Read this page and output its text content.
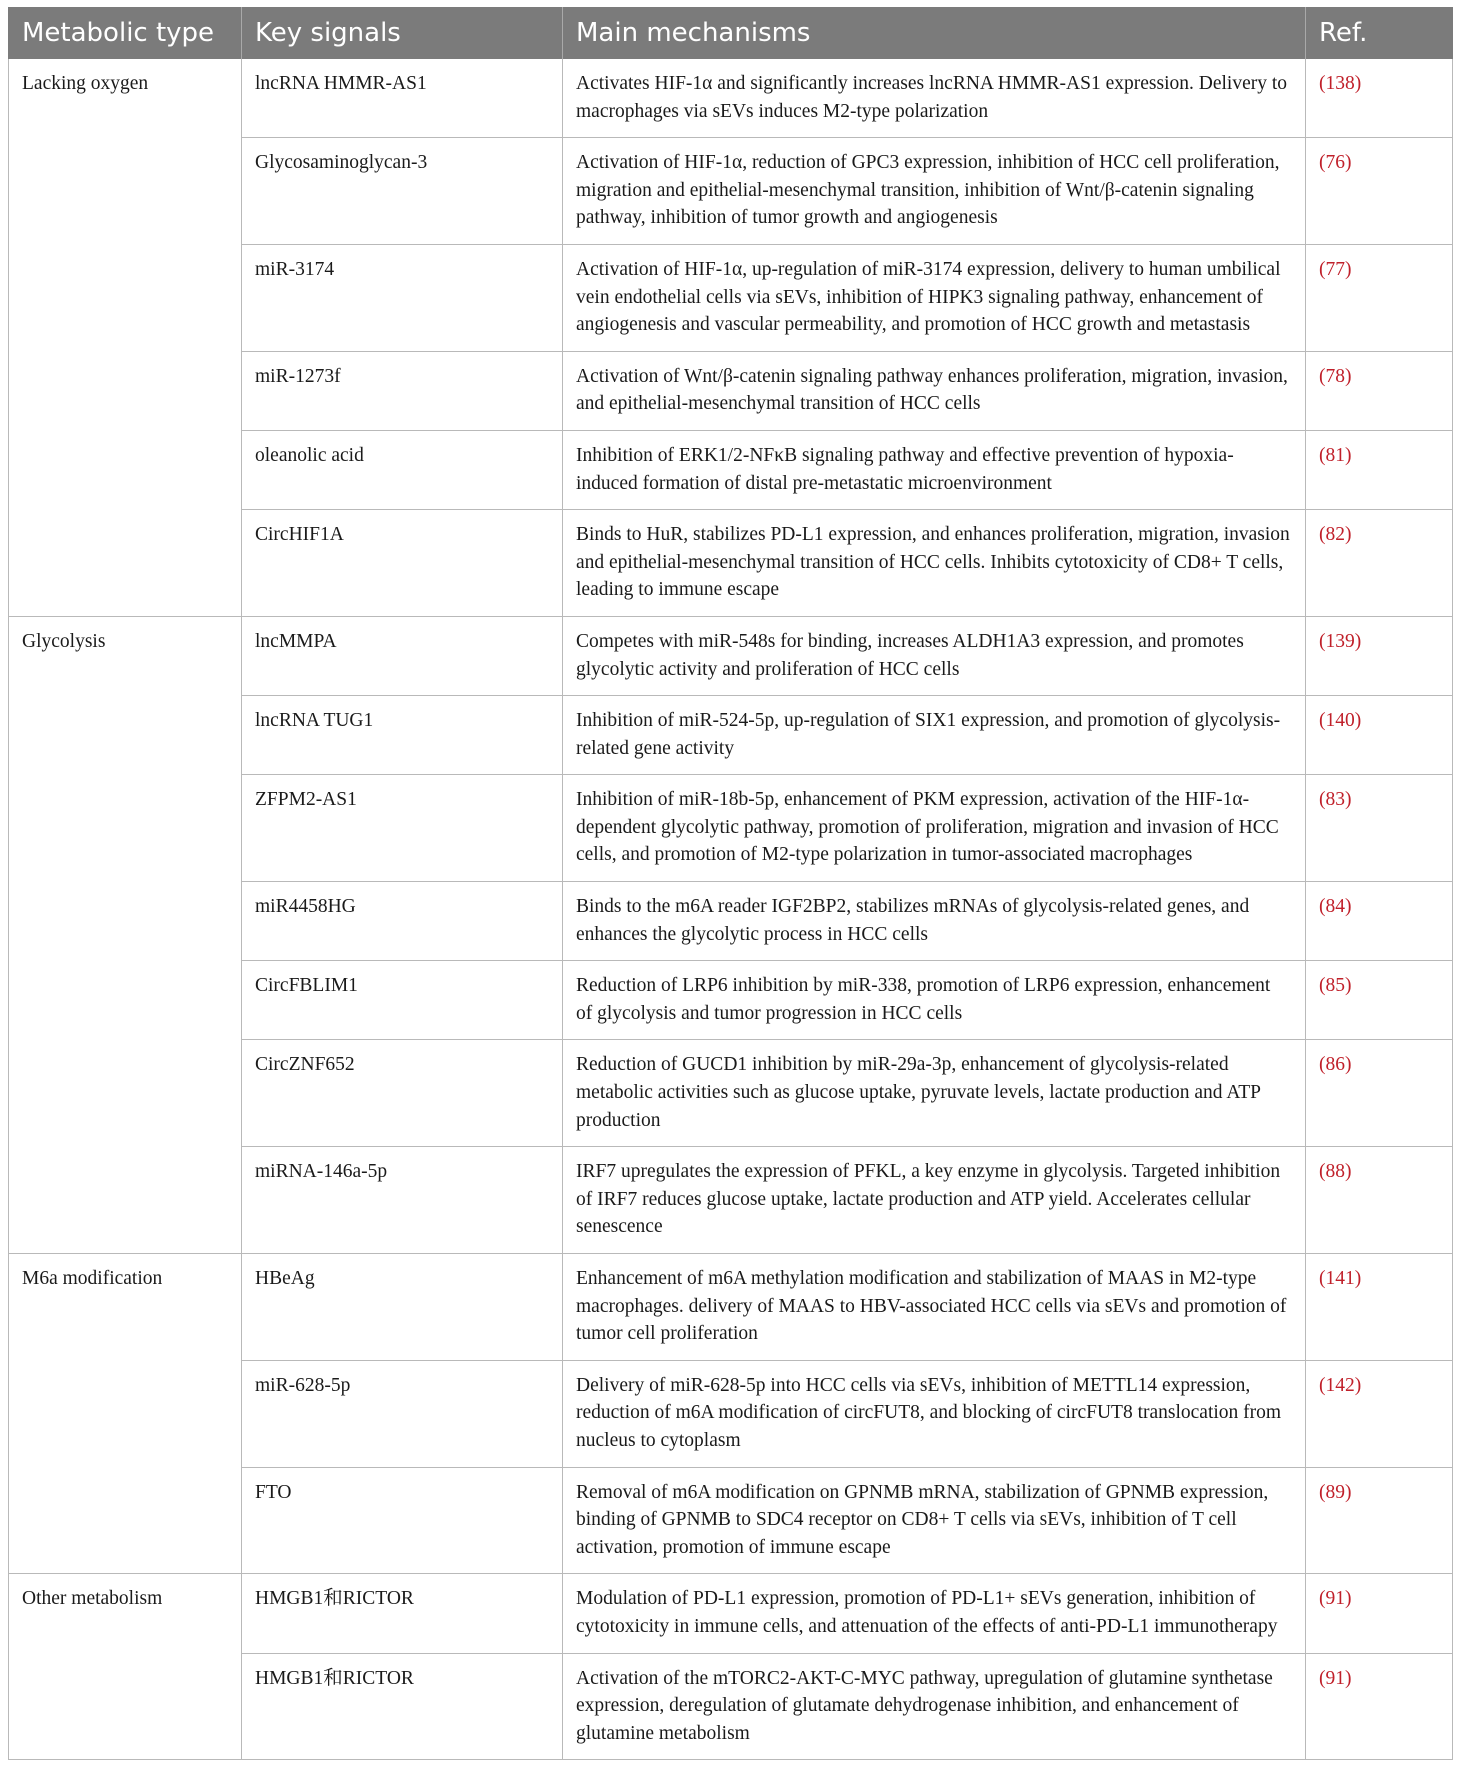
Metabolic type	Key signals	Main mechanisms	Ref.
Lacking oxygen	lncRNA HMMR-AS1	Activates HIF-1α and significantly increases lncRNA HMMR-AS1 expression. Delivery to macrophages via sEVs induces M2-type polarization	(138)
	Glycosaminoglycan-3	Activation of HIF-1α, reduction of GPC3 expression, inhibition of HCC cell proliferation, migration and epithelial-mesenchymal transition, inhibition of Wnt/β-catenin signaling pathway, inhibition of tumor growth and angiogenesis	(76)
	miR-3174	Activation of HIF-1α, up-regulation of miR-3174 expression, delivery to human umbilical vein endothelial cells via sEVs, inhibition of HIPK3 signaling pathway, enhancement of angiogenesis and vascular permeability, and promotion of HCC growth and metastasis	(77)
	miR-1273f	Activation of Wnt/β-catenin signaling pathway enhances proliferation, migration, invasion, and epithelial-mesenchymal transition of HCC cells	(78)
	oleanolic acid	Inhibition of ERK1/2-NFκB signaling pathway and effective prevention of hypoxia-induced formation of distal pre-metastatic microenvironment	(81)
	CircHIF1A	Binds to HuR, stabilizes PD-L1 expression, and enhances proliferation, migration, invasion and epithelial-mesenchymal transition of HCC cells. Inhibits cytotoxicity of CD8+ T cells, leading to immune escape	(82)
Glycolysis	lncMMPA	Competes with miR-548s for binding, increases ALDH1A3 expression, and promotes glycolytic activity and proliferation of HCC cells	(139)
	lncRNA TUG1	Inhibition of miR-524-5p, up-regulation of SIX1 expression, and promotion of glycolysis-related gene activity	(140)
	ZFPM2-AS1	Inhibition of miR-18b-5p, enhancement of PKM expression, activation of the HIF-1α-dependent glycolytic pathway, promotion of proliferation, migration and invasion of HCC cells, and promotion of M2-type polarization in tumor-associated macrophages	(83)
	miR4458HG	Binds to the m6A reader IGF2BP2, stabilizes mRNAs of glycolysis-related genes, and enhances the glycolytic process in HCC cells	(84)
	CircFBLIM1	Reduction of LRP6 inhibition by miR-338, promotion of LRP6 expression, enhancement of glycolysis and tumor progression in HCC cells	(85)
	CircZNF652	Reduction of GUCD1 inhibition by miR-29a-3p, enhancement of glycolysis-related metabolic activities such as glucose uptake, pyruvate levels, lactate production and ATP production	(86)
	miRNA-146a-5p	IRF7 upregulates the expression of PFKL, a key enzyme in glycolysis. Targeted inhibition of IRF7 reduces glucose uptake, lactate production and ATP yield. Accelerates cellular senescence	(88)
M6a modification	HBeAg	Enhancement of m6A methylation modification and stabilization of MAAS in M2-type macrophages. delivery of MAAS to HBV-associated HCC cells via sEVs and promotion of tumor cell proliferation	(141)
	miR-628-5p	Delivery of miR-628-5p into HCC cells via sEVs, inhibition of METTL14 expression, reduction of m6A modification of circFUT8, and blocking of circFUT8 translocation from nucleus to cytoplasm	(142)
	FTO	Removal of m6A modification on GPNMB mRNA, stabilization of GPNMB expression, binding of GPNMB to SDC4 receptor on CD8+ T cells via sEVs, inhibition of T cell activation, promotion of immune escape	(89)
Other metabolism	HMGB1和RICTOR	Modulation of PD-L1 expression, promotion of PD-L1+ sEVs generation, inhibition of cytotoxicity in immune cells, and attenuation of the effects of anti-PD-L1 immunotherapy	(91)
	HMGB1和RICTOR	Activation of the mTORC2-AKT-C-MYC pathway, upregulation of glutamine synthetase expression, deregulation of glutamate dehydrogenase inhibition, and enhancement of glutamine metabolism	(91)
